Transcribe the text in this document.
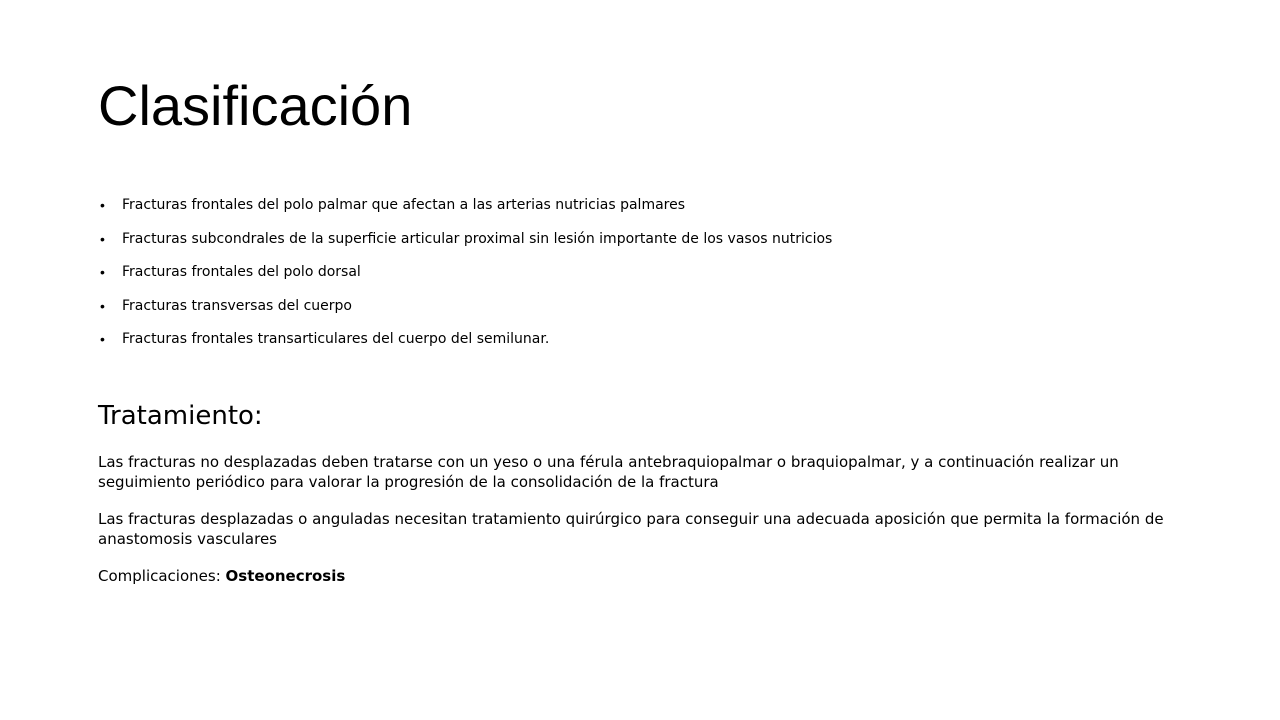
Clasificación
• Fracturas frontales del polo palmar que afectan a las arterias nutricias palmares
• Fracturas subcondrales de la superficie articular proximal sin lesión importante de los vasos nutricios
• Fracturas frontales del polo dorsal
• Fracturas transversas del cuerpo
• Fracturas frontales transarticulares del cuerpo del semilunar.
Tratamiento:

Las fracturas no desplazadas deben tratarse con un yeso o una férula antebraquiopalmar o braquiopalmar, y a continuación realizar un seguimiento periódico para valorar la progresión de la consolidación de la fractura

Las fracturas desplazadas o anguladas necesitan tratamiento quirúrgico para conseguir una adecuada aposición que permita la formación de anastomosis vasculares

Complicaciones: Osteonecrosis
